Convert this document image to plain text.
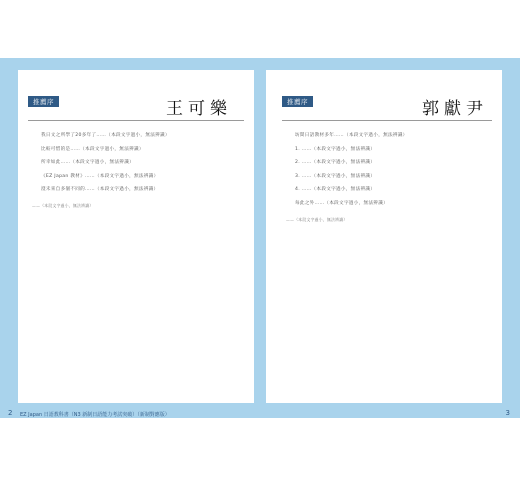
推薦序	王可樂

我日文之所學了20多年了……（本段文字過小，無法辨識）

比較可惜的是……（本段文字過小，無法辨識）

所幸如此……（本段文字過小，無法辨識）

《EZ Japan 教材》……（本段文字過小，無法辨識）

澄未來自多個不同的……（本段文字過小，無法辨識）

——（本段文字過小，無法辨識）
推薦序	郭獻尹

坊間日語教材多年……（本段文字過小，無法辨識）

1. ……（本段文字過小，無法辨識）

2. ……（本段文字過小，無法辨識）

3. ……（本段文字過小，無法辨識）

4. ……（本段文字過小，無法辨識）

每此之外……（本段文字過小，無法辨識）

——（本段文字過小，無法辨識）
2 EZ Japan 日語教科書（N3 新制日語能力考試突破）（新制對應版）	3
